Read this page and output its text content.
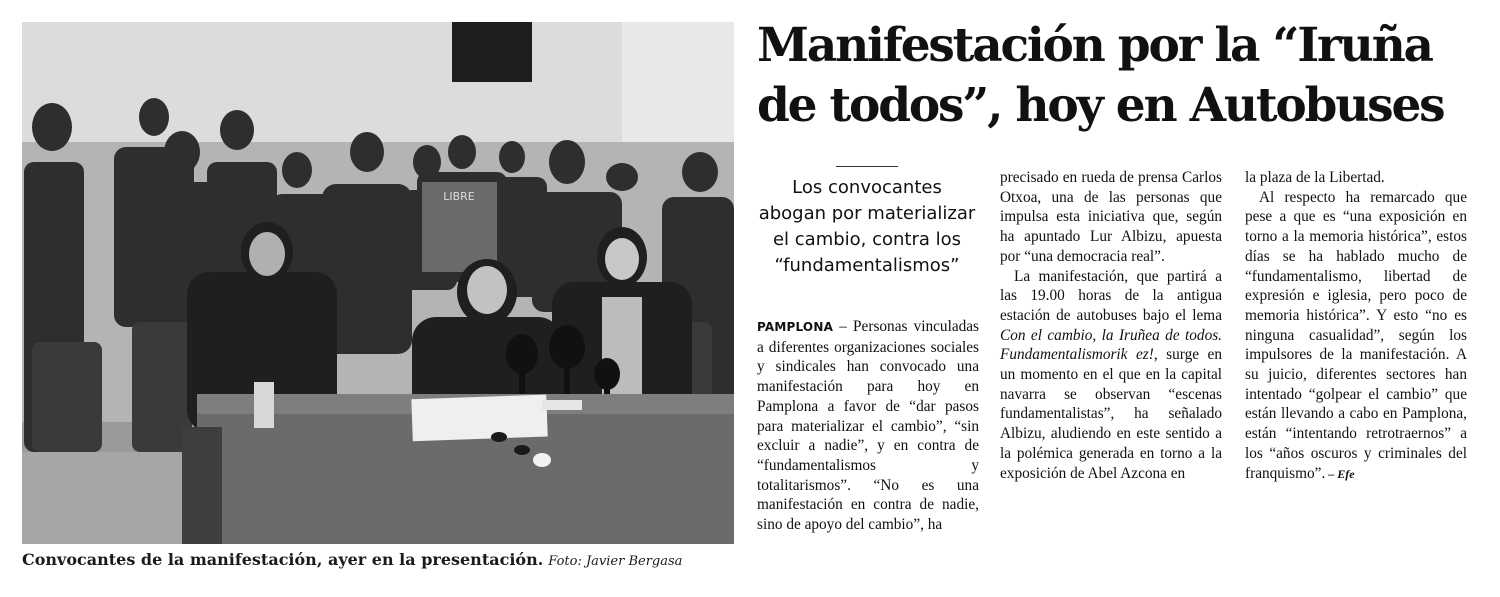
LIBRE
Convocantes de la manifestación, ayer en la presentación. Foto: Javier Bergasa
Manifestación por la “Iruña de todos”, hoy en Autobuses

Los convocantes abogan por materializar el cambio, contra los “fundamentalismos”

PAMPLONA – Personas vinculadas a diferentes organizaciones sociales y sindicales han convocado una manifestación para hoy en Pamplona a favor de “dar pasos para materializar el cambio”, “sin excluir a nadie”, y en contra de “fundamentalismos y totalitarismos”. “No es una manifestación en contra de nadie, sino de apoyo del cambio”, ha

precisado en rueda de prensa Carlos Otxoa, una de las personas que impulsa esta iniciativa que, según ha apuntado Lur Albizu, apuesta por “una democracia real”.

La manifestación, que partirá a las 19.00 horas de la antigua estación de autobuses bajo el lema Con el cambio, la Iruñea de todos. Fundamentalismorik ez!, surge en un momento en el que en la capital navarra se observan “escenas fundamentalistas”, ha señalado Albizu, aludiendo en este sentido a la polémica generada en torno a la exposición de Abel Azcona en

la plaza de la Libertad.

Al respecto ha remarcado que pese a que es “una exposición en torno a la memoria histórica”, estos días se ha hablado mucho de “fundamentalismo, libertad de expresión e iglesia, pero poco de memoria histórica”. Y esto “no es ninguna casualidad”, según los impulsores de la manifestación. A su juicio, diferentes sectores han intentado “golpear el cambio” que están llevando a cabo en Pamplona, están “intentando retrotraernos” a los “años oscuros y criminales del franquismo”. – Efe
